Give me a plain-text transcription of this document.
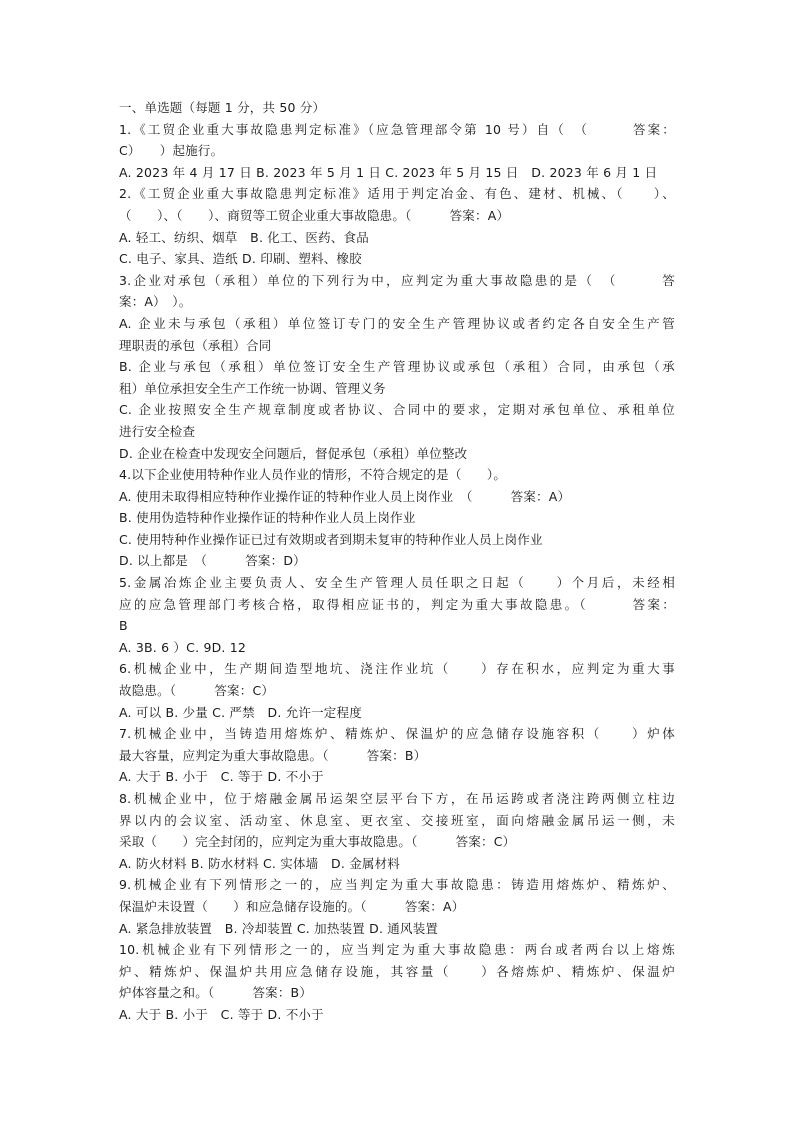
一、单选题（每题 1 分，共 50 分）
1.《工贸企业重大事故隐患判定标准》（应急管理部令第 10 号）自（　（　　　答案：
C）　　）起施行。
A. 2023 年 4 月 17 日 B. 2023 年 5 月 1 日 C. 2023 年 5 月 15 日　D. 2023 年 6 月 1 日
2.《工贸企业重大事故隐患判定标准》适用于判定冶金、有色、建材、机械、（　　）、
（　　）、（　　）、商贸等工贸企业重大事故隐患。（　　　答案：A）
A. 轻工、纺织、烟草　B. 化工、医药、食品
C. 电子、家具、造纸 D. 印刷、塑料、橡胶
3.企业对承包（承租）单位的下列行为中，应判定为重大事故隐患的是（　（　　　答
案：A）　）。
A. 企业未与承包（承租）单位签订专门的安全生产管理协议或者约定各自安全生产管
理职责的承包（承租）合同
B. 企业与承包（承租）单位签订安全生产管理协议或承包（承租）合同，由承包（承
租）单位承担安全生产工作统一协调、管理义务
C. 企业按照安全生产规章制度或者协议、合同中的要求，定期对承包单位、承租单位
进行安全检查
D. 企业在检查中发现安全问题后，督促承包（承租）单位整改
4.以下企业使用特种作业人员作业的情形，不符合规定的是（　　）。
A. 使用未取得相应特种作业操作证的特种作业人员上岗作业　（　　　答案：A）
B. 使用伪造特种作业操作证的特种作业人员上岗作业
C. 使用特种作业操作证已过有效期或者到期未复审的特种作业人员上岗作业
D. 以上都是　（　　　答案：D）
5.金属冶炼企业主要负责人、安全生产管理人员任职之日起（　　）个月后，未经相
应的应急管理部门考核合格，取得相应证书的，判定为重大事故隐患。（　　　答案：
B
A. 3B. 6 ）C. 9D. 12
6.机械企业中，生产期间造型地坑、浇注作业坑（　　）存在积水，应判定为重大事
故隐患。（　　　答案：C）
A. 可以 B. 少量 C. 严禁　D. 允许一定程度
7.机械企业中，当铸造用熔炼炉、精炼炉、保温炉的应急储存设施容积（　　）炉体
最大容量，应判定为重大事故隐患。（　　　答案：B）
A. 大于 B. 小于　C. 等于 D. 不小于
8.机械企业中，位于熔融金属吊运架空层平台下方，在吊运跨或者浇注跨两侧立柱边
界以内的会议室、活动室、休息室、更衣室、交接班室，面向熔融金属吊运一侧，未
采取（　　）完全封闭的，应判定为重大事故隐患。（　　　答案：C）
A. 防火材料 B. 防水材料 C. 实体墙　D. 金属材料
9.机械企业有下列情形之一的，应当判定为重大事故隐患：铸造用熔炼炉、精炼炉、
保温炉未设置（　　）和应急储存设施的。（　　　答案：A）
A. 紧急排放装置　B. 冷却装置 C. 加热装置 D. 通风装置
10.机械企业有下列情形之一的，应当判定为重大事故隐患：两台或者两台以上熔炼
炉、精炼炉、保温炉共用应急储存设施，其容量（　　）各熔炼炉、精炼炉、保温炉
炉体容量之和。（　　　答案：B）
A. 大于 B. 小于　C. 等于 D. 不小于
